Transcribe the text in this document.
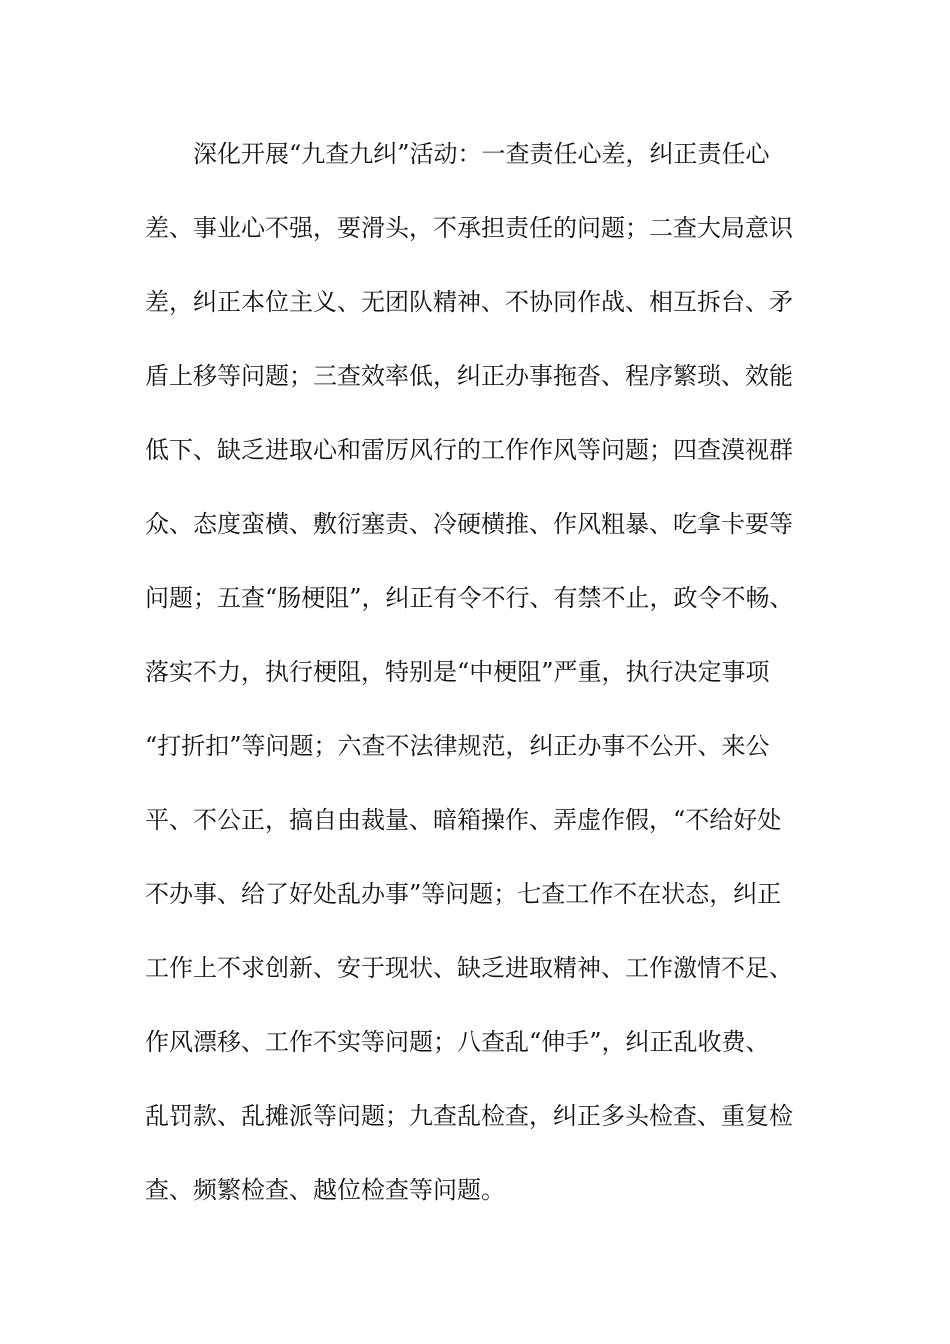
深化开展“九查九纠”活动：一查责任心差，纠正责任心
差、事业心不强，要滑头，不承担责任的问题；二查大局意识
差，纠正本位主义、无团队精神、不协同作战、相互拆台、矛
盾上移等问题；三查效率低，纠正办事拖沓、程序繁琐、效能
低下、缺乏进取心和雷厉风行的工作作风等问题；四查漠视群
众、态度蛮横、敷衍塞责、冷硬横推、作风粗暴、吃拿卡要等
问题；五查“肠梗阻”，纠正有令不行、有禁不止，政令不畅、
落实不力，执行梗阻，特别是“中梗阻”严重，执行决定事项
“打折扣”等问题；六查不法律规范，纠正办事不公开、来公
平、不公正，搞自由裁量、暗箱操作、弄虚作假，“不给好处
不办事、给了好处乱办事”等问题；七查工作不在状态，纠正
工作上不求创新、安于现状、缺乏进取精神、工作激情不足、
作风漂移、工作不实等问题；八查乱“伸手”，纠正乱收费、
乱罚款、乱摊派等问题；九查乱检查，纠正多头检查、重复检
查、频繁检查、越位检查等问题。
